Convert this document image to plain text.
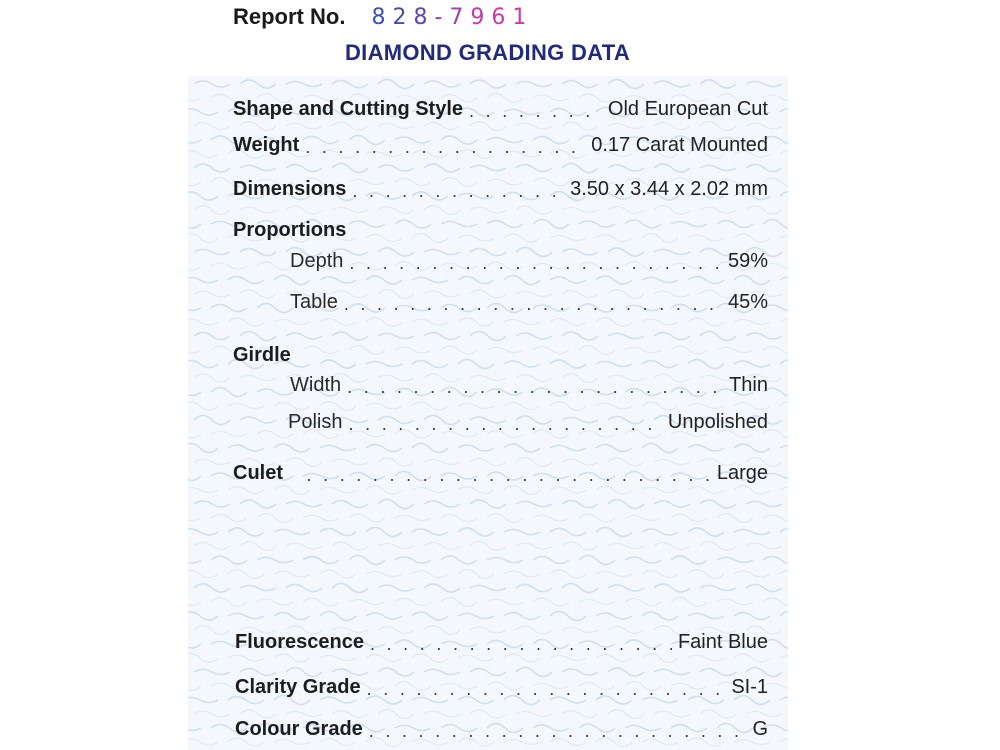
Report No. 828-7961
DIAMOND GRADING DATA
Shape and Cutting Style . . .	Old European Cut
Weight . . .	0.17 Carat Mounted
Dimensions . . .	3.50 x 3.44 x 2.02 mm
Proportions
Depth . . .	59%
Table . . .	45%
Girdle
Width . . .	Thin
Polish . . .	Unpolished
Culet . . .	Large
Fluorescence . . .	Faint Blue
Clarity Grade . . .	SI-1
Colour Grade . . .	G
